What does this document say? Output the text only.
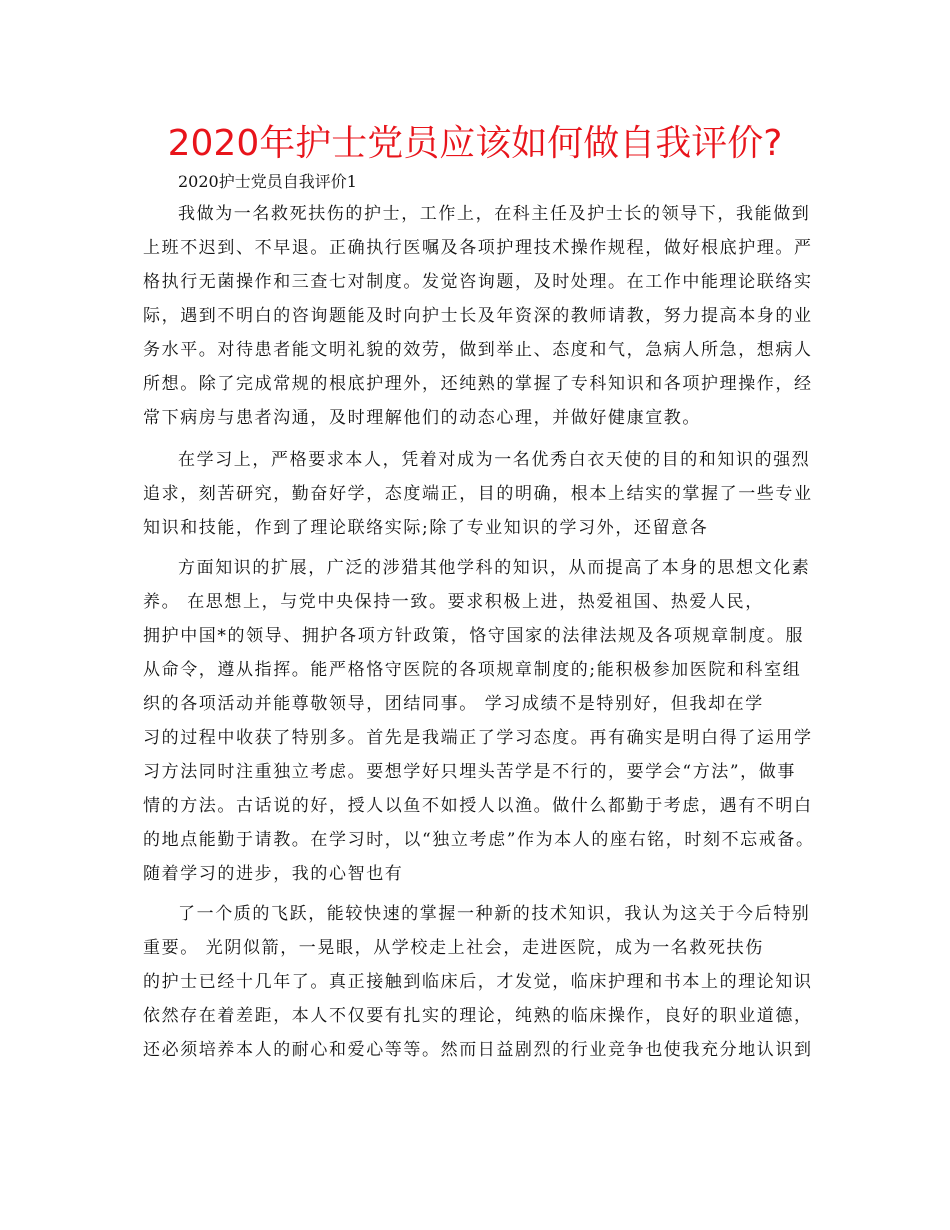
2020年护士党员应该如何做自我评价?
2020护士党员自我评价1
我做为一名救死扶伤的护士，工作上，在科主任及护士长的领导下，我能做到
上班不迟到、不早退。正确执行医嘱及各项护理技术操作规程，做好根底护理。严
格执行无菌操作和三查七对制度。发觉咨询题，及时处理。在工作中能理论联络实
际，遇到不明白的咨询题能及时向护士长及年资深的教师请教，努力提高本身的业
务水平。对待患者能文明礼貌的效劳，做到举止、态度和气，急病人所急，想病人
所想。除了完成常规的根底护理外，还纯熟的掌握了专科知识和各项护理操作，经
常下病房与患者沟通，及时理解他们的动态心理，并做好健康宣教。
在学习上，严格要求本人，凭着对成为一名优秀白衣天使的目的和知识的强烈
追求，刻苦研究，勤奋好学，态度端正，目的明确，根本上结实的掌握了一些专业
知识和技能，作到了理论联络实际;除了专业知识的学习外，还留意各
方面知识的扩展，广泛的涉猎其他学科的知识，从而提高了本身的思想文化素
养。 在思想上，与党中央保持一致。要求积极上进，热爱祖国、热爱人民，
拥护中国*的领导、拥护各项方针政策，恪守国家的法律法规及各项规章制度。服
从命令，遵从指挥。能严格恪守医院的各项规章制度的;能积极参加医院和科室组
织的各项活动并能尊敬领导，团结同事。 学习成绩不是特别好，但我却在学
习的过程中收获了特别多。首先是我端正了学习态度。再有确实是明白得了运用学
习方法同时注重独立考虑。要想学好只埋头苦学是不行的，要学会“方法”，做事
情的方法。古话说的好，授人以鱼不如授人以渔。做什么都勤于考虑，遇有不明白
的地点能勤于请教。在学习时，以“独立考虑”作为本人的座右铭，时刻不忘戒备。
随着学习的进步，我的心智也有
了一个质的飞跃，能较快速的掌握一种新的技术知识，我认为这关于今后特别
重要。 光阴似箭，一晃眼，从学校走上社会，走进医院，成为一名救死扶伤
的护士已经十几年了。真正接触到临床后，才发觉，临床护理和书本上的理论知识
依然存在着差距，本人不仅要有扎实的理论，纯熟的临床操作，良好的职业道德，
还必须培养本人的耐心和爱心等等。然而日益剧烈的行业竞争也使我充分地认识到
